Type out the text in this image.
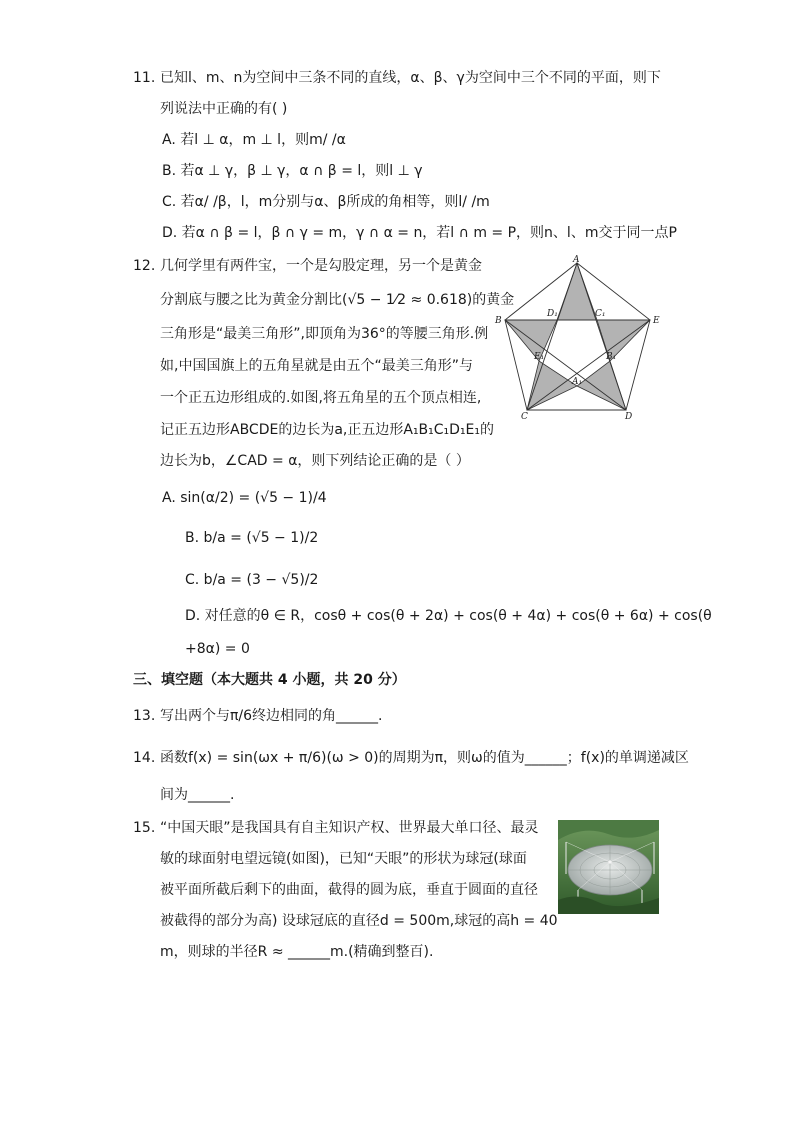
11. 已知l、m、n为空间中三条不同的直线，α、β、γ为空间中三个不同的平面，则下
列说法中正确的有( )
A. 若l ⊥ α，m ⊥ l，则m/ /α
B. 若α ⊥ γ，β ⊥ γ，α ∩ β = l，则l ⊥ γ
C. 若α/ /β，l，m分别与α、β所成的角相等，则l/ /m
D. 若α ∩ β = l，β ∩ γ = m，γ ∩ α = n，若l ∩ m = P，则n、l、m交于同一点P
12. 几何学里有两件宝，一个是勾股定理，另一个是黄金
分割底与腰之比为黄金分割比(√5 − 1⁄2 ≈ 0.618)的黄金
三角形是“最美三角形”,即顶角为36°的等腰三角形.例
如,中国国旗上的五角星就是由五个“最美三角形”与
一个正五边形组成的.如图,将五角星的五个顶点相连,
记正五边形ABCDE的边长为a,正五边形A₁B₁C₁D₁E₁的
边长为b，∠CAD = α，则下列结论正确的是（ ）
A
B	E
C	D
D₁	C₁
E₁	B₁
A₁
A. sin(α/2) = (√5 − 1)/4
B. b/a = (√5 − 1)/2
C. b/a = (3 − √5)/2
D. 对任意的θ ∈ R，cosθ + cos(θ + 2α) + cos(θ + 4α) + cos(θ + 6α) + cos(θ
+8α) = 0
三、填空题（本大题共 4 小题，共 20 分）
13. 写出两个与π/6终边相同的角______.
14. 函数f(x) = sin(ωx + π/6)(ω > 0)的周期为π，则ω的值为______；f(x)的单调递减区
间为______.
15. “中国天眼”是我国具有自主知识产权、世界最大单口径、最灵
敏的球面射电望远镜(如图)，已知“天眼”的形状为球冠(球面
被平面所截后剩下的曲面，截得的圆为底，垂直于圆面的直径
被截得的部分为高) 设球冠底的直径d = 500m,球冠的高h = 40
m，则球的半径R ≈ ______m.(精确到整百).
